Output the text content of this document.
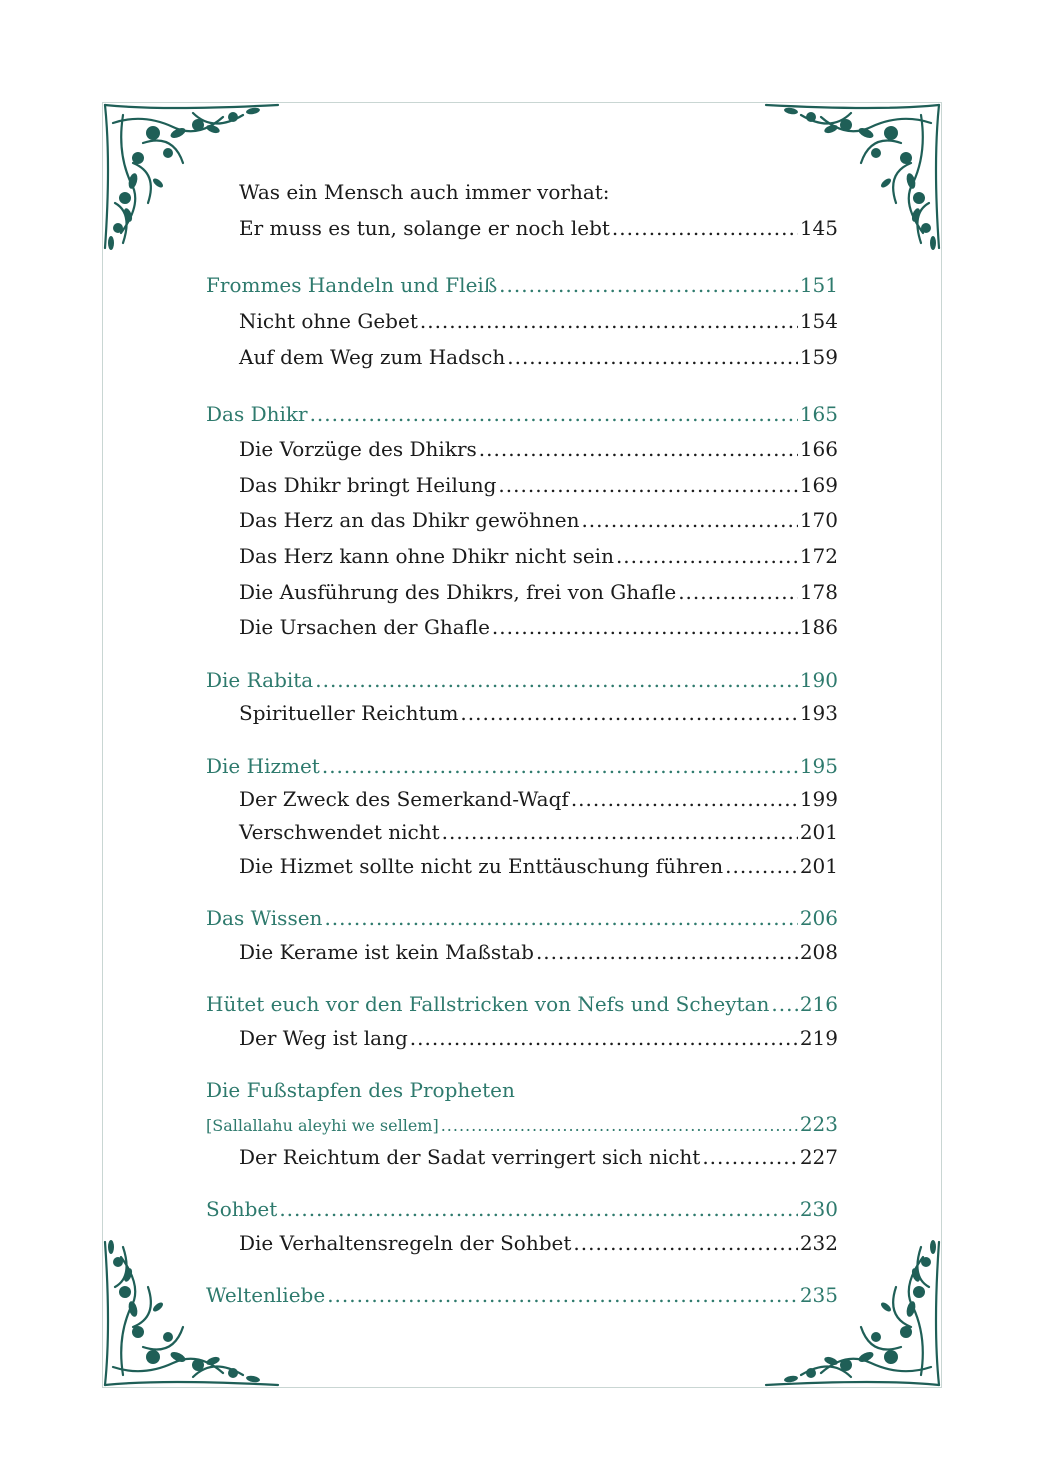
Was ein Mensch auch immer vorhat:
Er muss es tun, solange er noch lebt .....	145
Frommes Handeln und Fleiß .....	151
Nicht ohne Gebet .....	154
Auf dem Weg zum Hadsch .....	159
Das Dhikr .....	165
Die Vorzüge des Dhikrs .....	166
Das Dhikr bringt Heilung .....	169
Das Herz an das Dhikr gewöhnen .....	170
Das Herz kann ohne Dhikr nicht sein .....	172
Die Ausführung des Dhikrs, frei von Ghafle .....	178
Die Ursachen der Ghafle .....	186
Die Rabita .....	190
Spiritueller Reichtum .....	193
Die Hizmet .....	195
Der Zweck des Semerkand-Waqf .....	199
Verschwendet nicht .....	201
Die Hizmet sollte nicht zu Enttäuschung führen .....	201
Das Wissen .....	206
Die Kerame ist kein Maßstab .....	208
Hütet euch vor den Fallstricken von Nefs und Scheytan ..... 216
Der Weg ist lang .....	219
Die Fußstapfen des Propheten
[Sallallahu aleyhi we sellem] .....	223
Der Reichtum der Sadat verringert sich nicht .....	227
Sohbet .....	230
Die Verhaltensregeln der Sohbet .....	232
Weltenliebe .....	235
